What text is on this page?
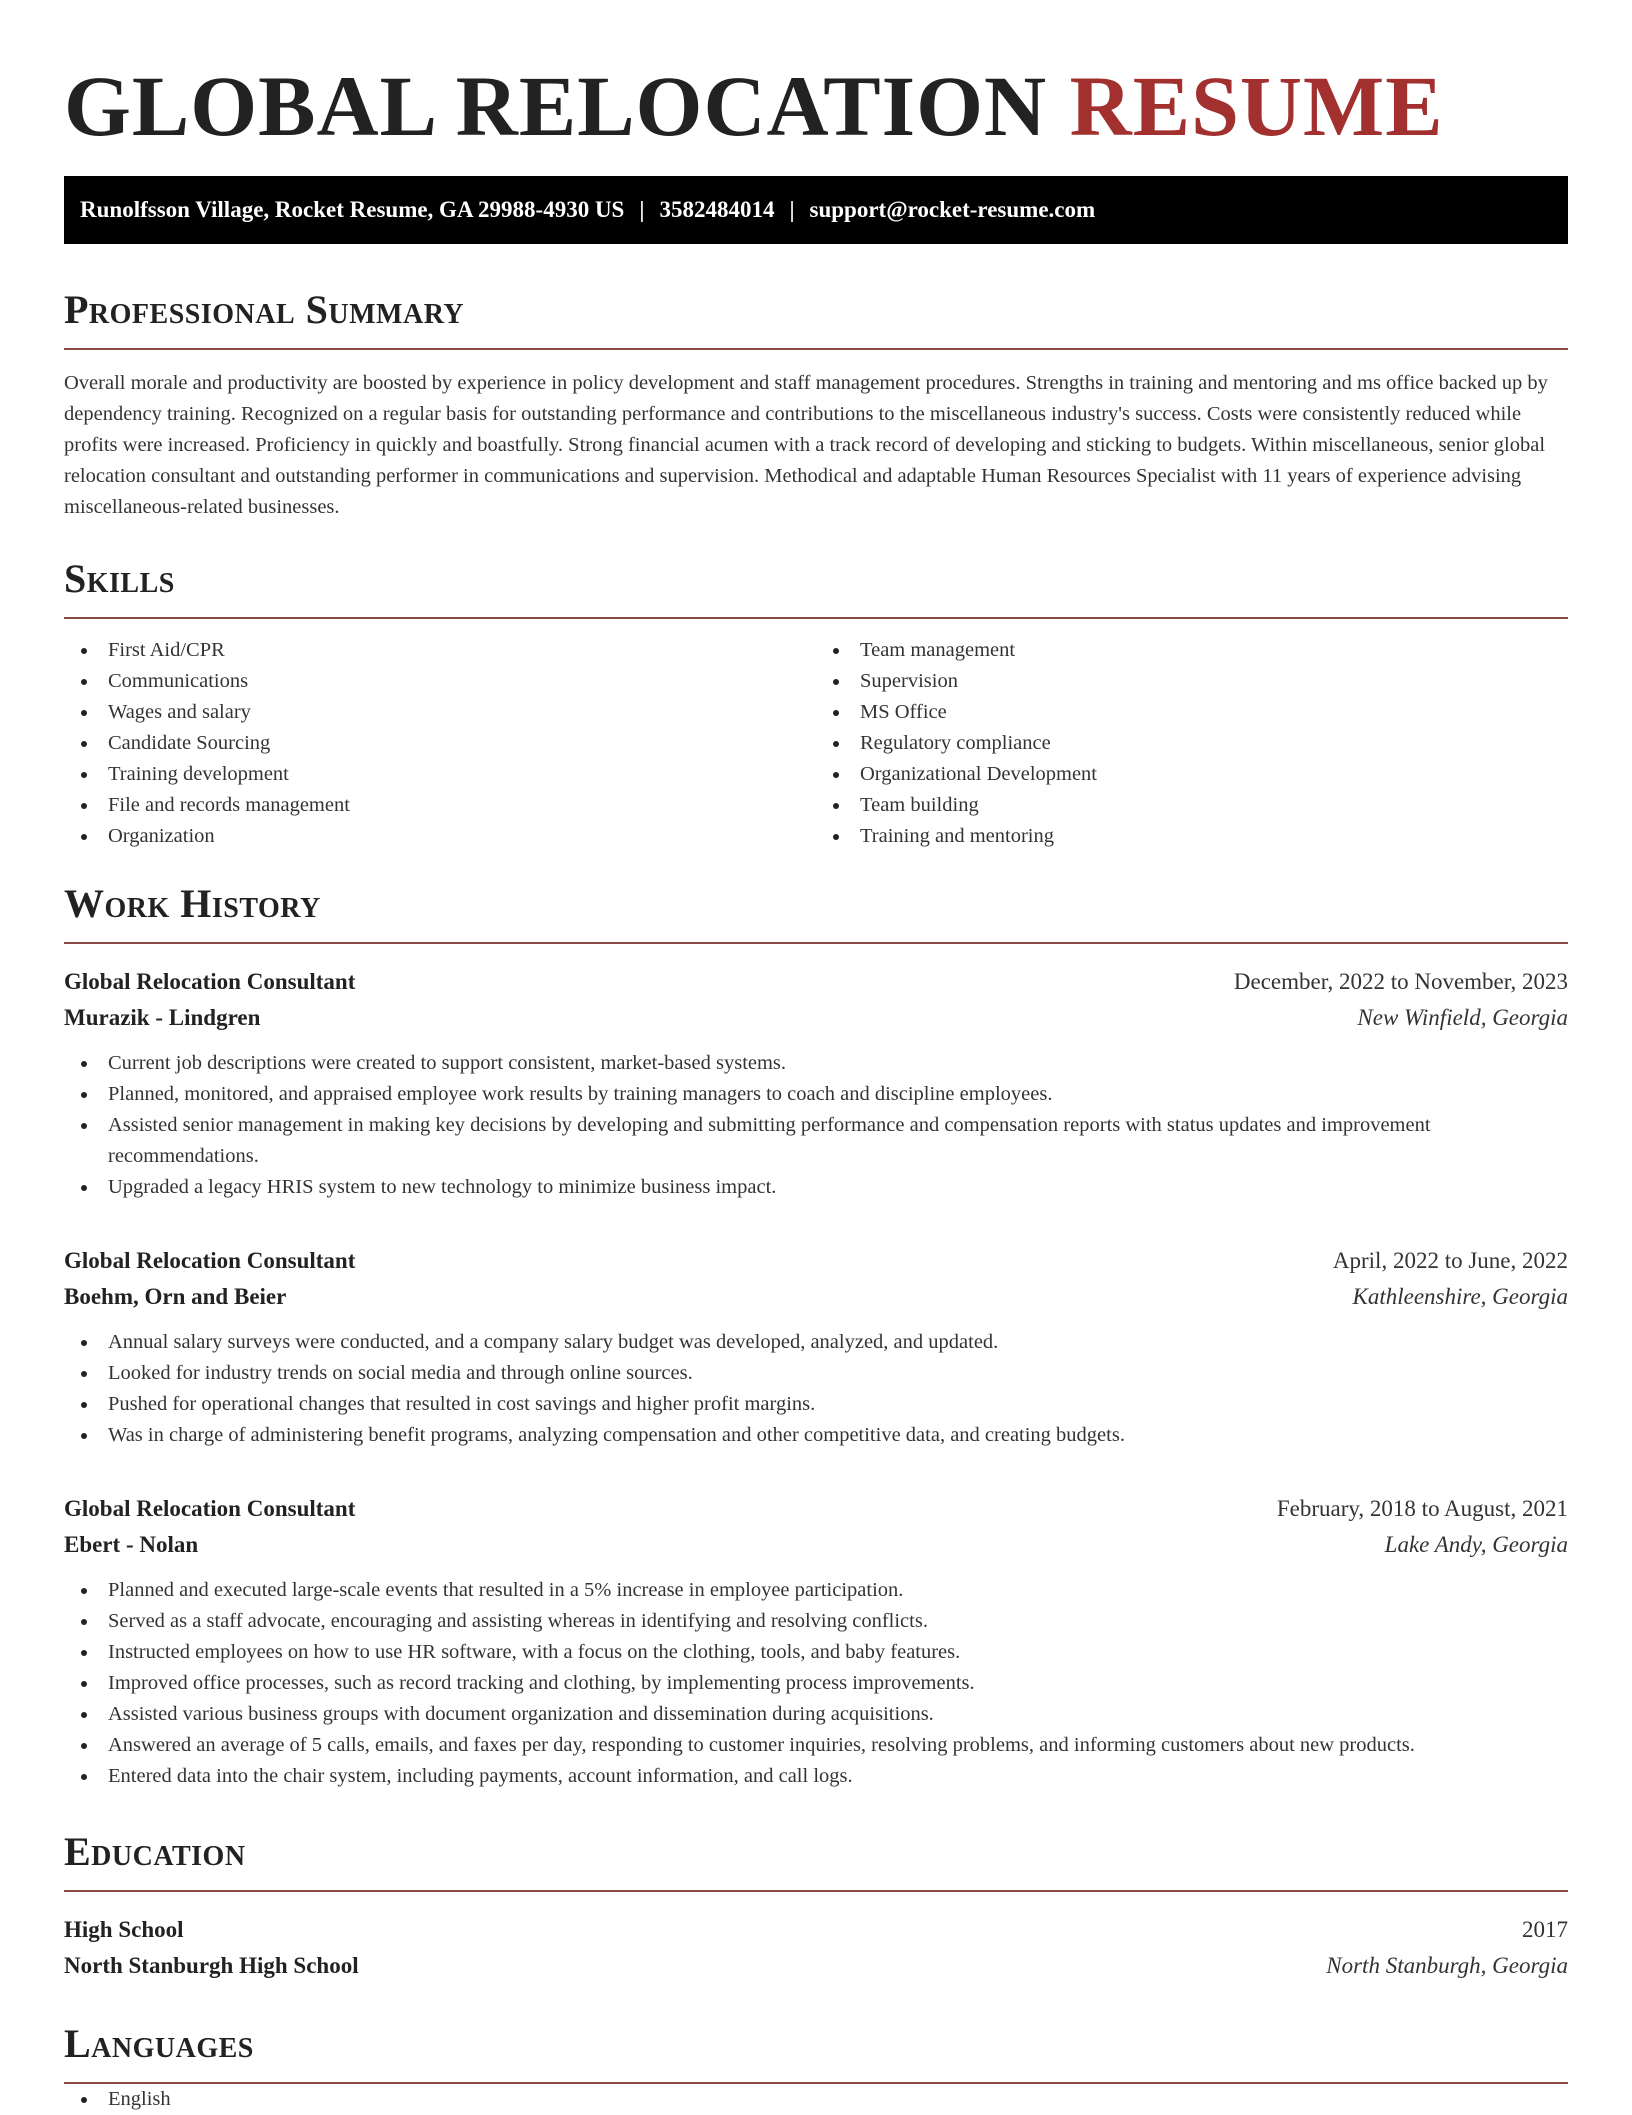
GLOBAL RELOCATION RESUME
Runolfsson Village, Rocket Resume, GA 29988-4930 US | 3582484014 | support@rocket-resume.com
Professional Summary

Overall morale and productivity are boosted by experience in policy development and staff management procedures. Strengths in training and mentoring and ms office backed up by dependency training. Recognized on a regular basis for outstanding performance and contributions to the miscellaneous industry's success. Costs were consistently reduced while profits were increased. Proficiency in quickly and boastfully. Strong financial acumen with a track record of developing and sticking to budgets. Within miscellaneous, senior global relocation consultant and outstanding performer in communications and supervision. Methodical and adaptable Human Resources Specialist with 11 years of experience advising miscellaneous-related businesses.

Skills
First Aid/CPR
Communications
Wages and salary
Candidate Sourcing
Training development
File and records management
Organization
Team management
Supervision
MS Office
Regulatory compliance
Organizational Development
Team building
Training and mentoring
Work History
Global Relocation Consultant	December, 2022 to November, 2023
Murazik - Lindgren	New Winfield, Georgia
Current job descriptions were created to support consistent, market-based systems.
Planned, monitored, and appraised employee work results by training managers to coach and discipline employees.
Assisted senior management in making key decisions by developing and submitting performance and compensation reports with status updates and improvement recommendations.
Upgraded a legacy HRIS system to new technology to minimize business impact.
Global Relocation Consultant	April, 2022 to June, 2022
Boehm, Orn and Beier	Kathleenshire, Georgia
Annual salary surveys were conducted, and a company salary budget was developed, analyzed, and updated.
Looked for industry trends on social media and through online sources.
Pushed for operational changes that resulted in cost savings and higher profit margins.
Was in charge of administering benefit programs, analyzing compensation and other competitive data, and creating budgets.
Global Relocation Consultant	February, 2018 to August, 2021
Ebert - Nolan	Lake Andy, Georgia
Planned and executed large-scale events that resulted in a 5% increase in employee participation.
Served as a staff advocate, encouraging and assisting whereas in identifying and resolving conflicts.
Instructed employees on how to use HR software, with a focus on the clothing, tools, and baby features.
Improved office processes, such as record tracking and clothing, by implementing process improvements.
Assisted various business groups with document organization and dissemination during acquisitions.
Answered an average of 5 calls, emails, and faxes per day, responding to customer inquiries, resolving problems, and informing customers about new products.
Entered data into the chair system, including payments, account information, and call logs.
Education
High School	2017
North Stanburgh High School	North Stanburgh, Georgia
Languages
English
